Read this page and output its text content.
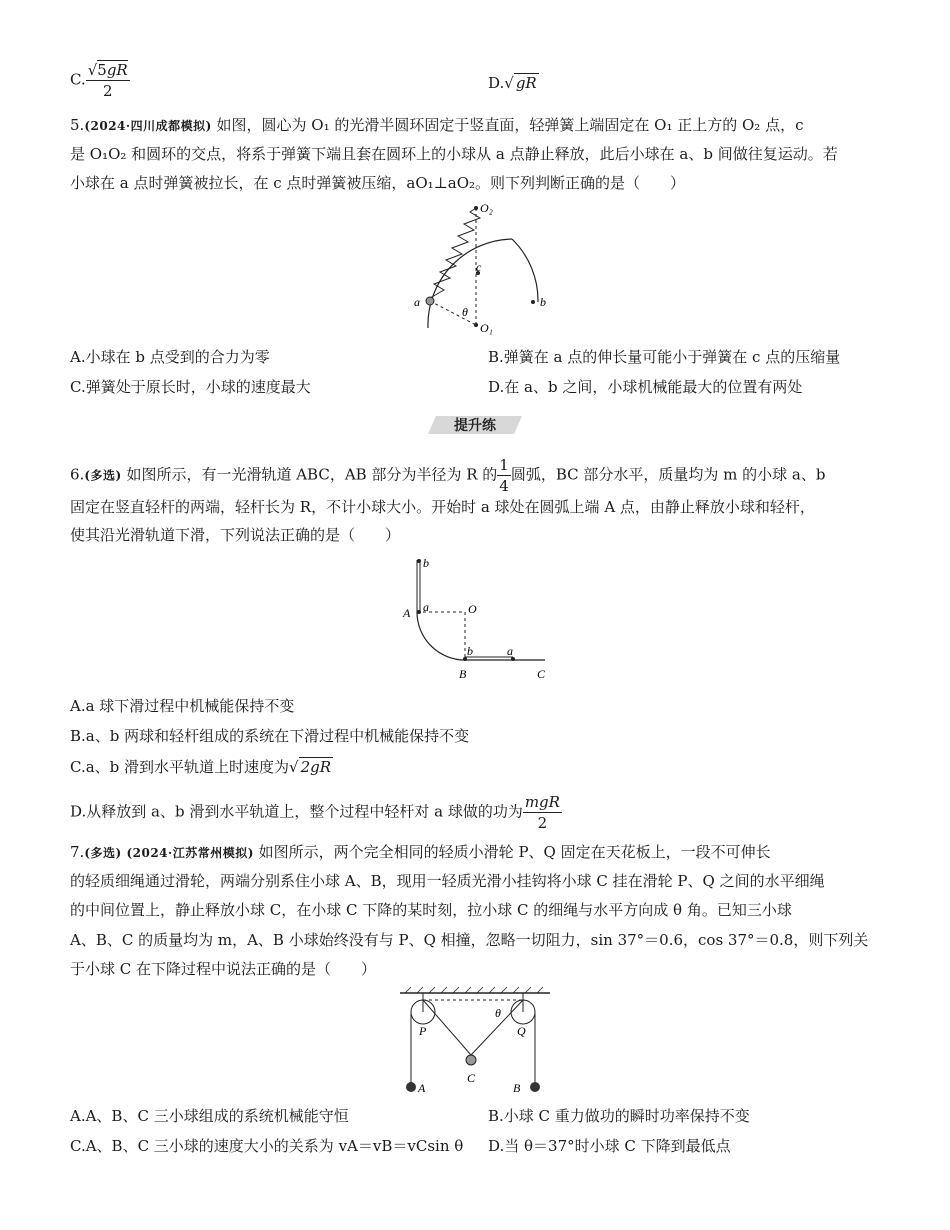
C. $\frac{√5gR}{2}$	D.√ gR
5.(2024·四川成都模拟) 如图，圆心为 O₁ 的光滑半圆环固定于竖直面，轻弹簧上端固定在 O₁ 正上方的 O₂ 点，c
是 O₁O₂ 和圆环的交点，将系于弹簧下端且套在圆环上的小球从 a 点静止释放，此后小球在 a、b 间做往复运动。若
小球在 a 点时弹簧被拉长，在 c 点时弹簧被压缩，aO₁⊥aO₂。则下列判断正确的是（　　）
O₂
c
a	b
θ
O₁
A.小球在 b 点受到的合力为零	B.弹簧在 a 点的伸长量可能小于弹簧在 c 点的压缩量
C.弹簧处于原长时，小球的速度最大	D.在 a、b 之间，小球机械能最大的位置有两处
提升练
6.(多选) 如图所示，有一光滑轨道 ABC，AB 部分为半径为 R 的 $\frac{1}{4}$ 圆弧，BC 部分水平，质量均为 m 的小球 a、b
固定在竖直轻杆的两端，轻杆长为 R，不计小球大小。开始时 a 球处在圆弧上端 A 点，由静止释放小球和轻杆，
使其沿光滑轨道下滑，下列说法正确的是（　　）
b
A a	O
b	a
B	C
A.a 球下滑过程中机械能保持不变
B.a、b 两球和轻杆组成的系统在下滑过程中机械能保持不变
C.a、b 滑到水平轨道上时速度为√ 2gR
D.从释放到 a、b 滑到水平轨道上，整个过程中轻杆对 a 球做的功为 $\frac{\text{mgR}}{2}$
7.(多选) (2024·江苏常州模拟) 如图所示，两个完全相同的轻质小滑轮 P、Q 固定在天花板上，一段不可伸长
的轻质细绳通过滑轮，两端分别系住小球 A、B，现用一轻质光滑小挂钩将小球 C 挂在滑轮 P、Q 之间的水平细绳
的中间位置上，静止释放小球 C，在小球 C 下降的某时刻，拉小球 C 的细绳与水平方向成 θ 角。已知三小球
A、B、C 的质量均为 m，A、B 小球始终没有与 P、Q 相撞，忽略一切阻力，sin 37°＝0.6，cos 37°＝0.8，则下列关
于小球 C 在下降过程中说法正确的是（　　）
P	Q
θ
C
A	B
A.A、B、C 三小球组成的系统机械能守恒	B.小球 C 重力做功的瞬时功率保持不变
C.A、B、C 三小球的速度大小的关系为 vA＝vB＝vCsin θ D.当 θ＝37°时小球 C 下降到最低点
